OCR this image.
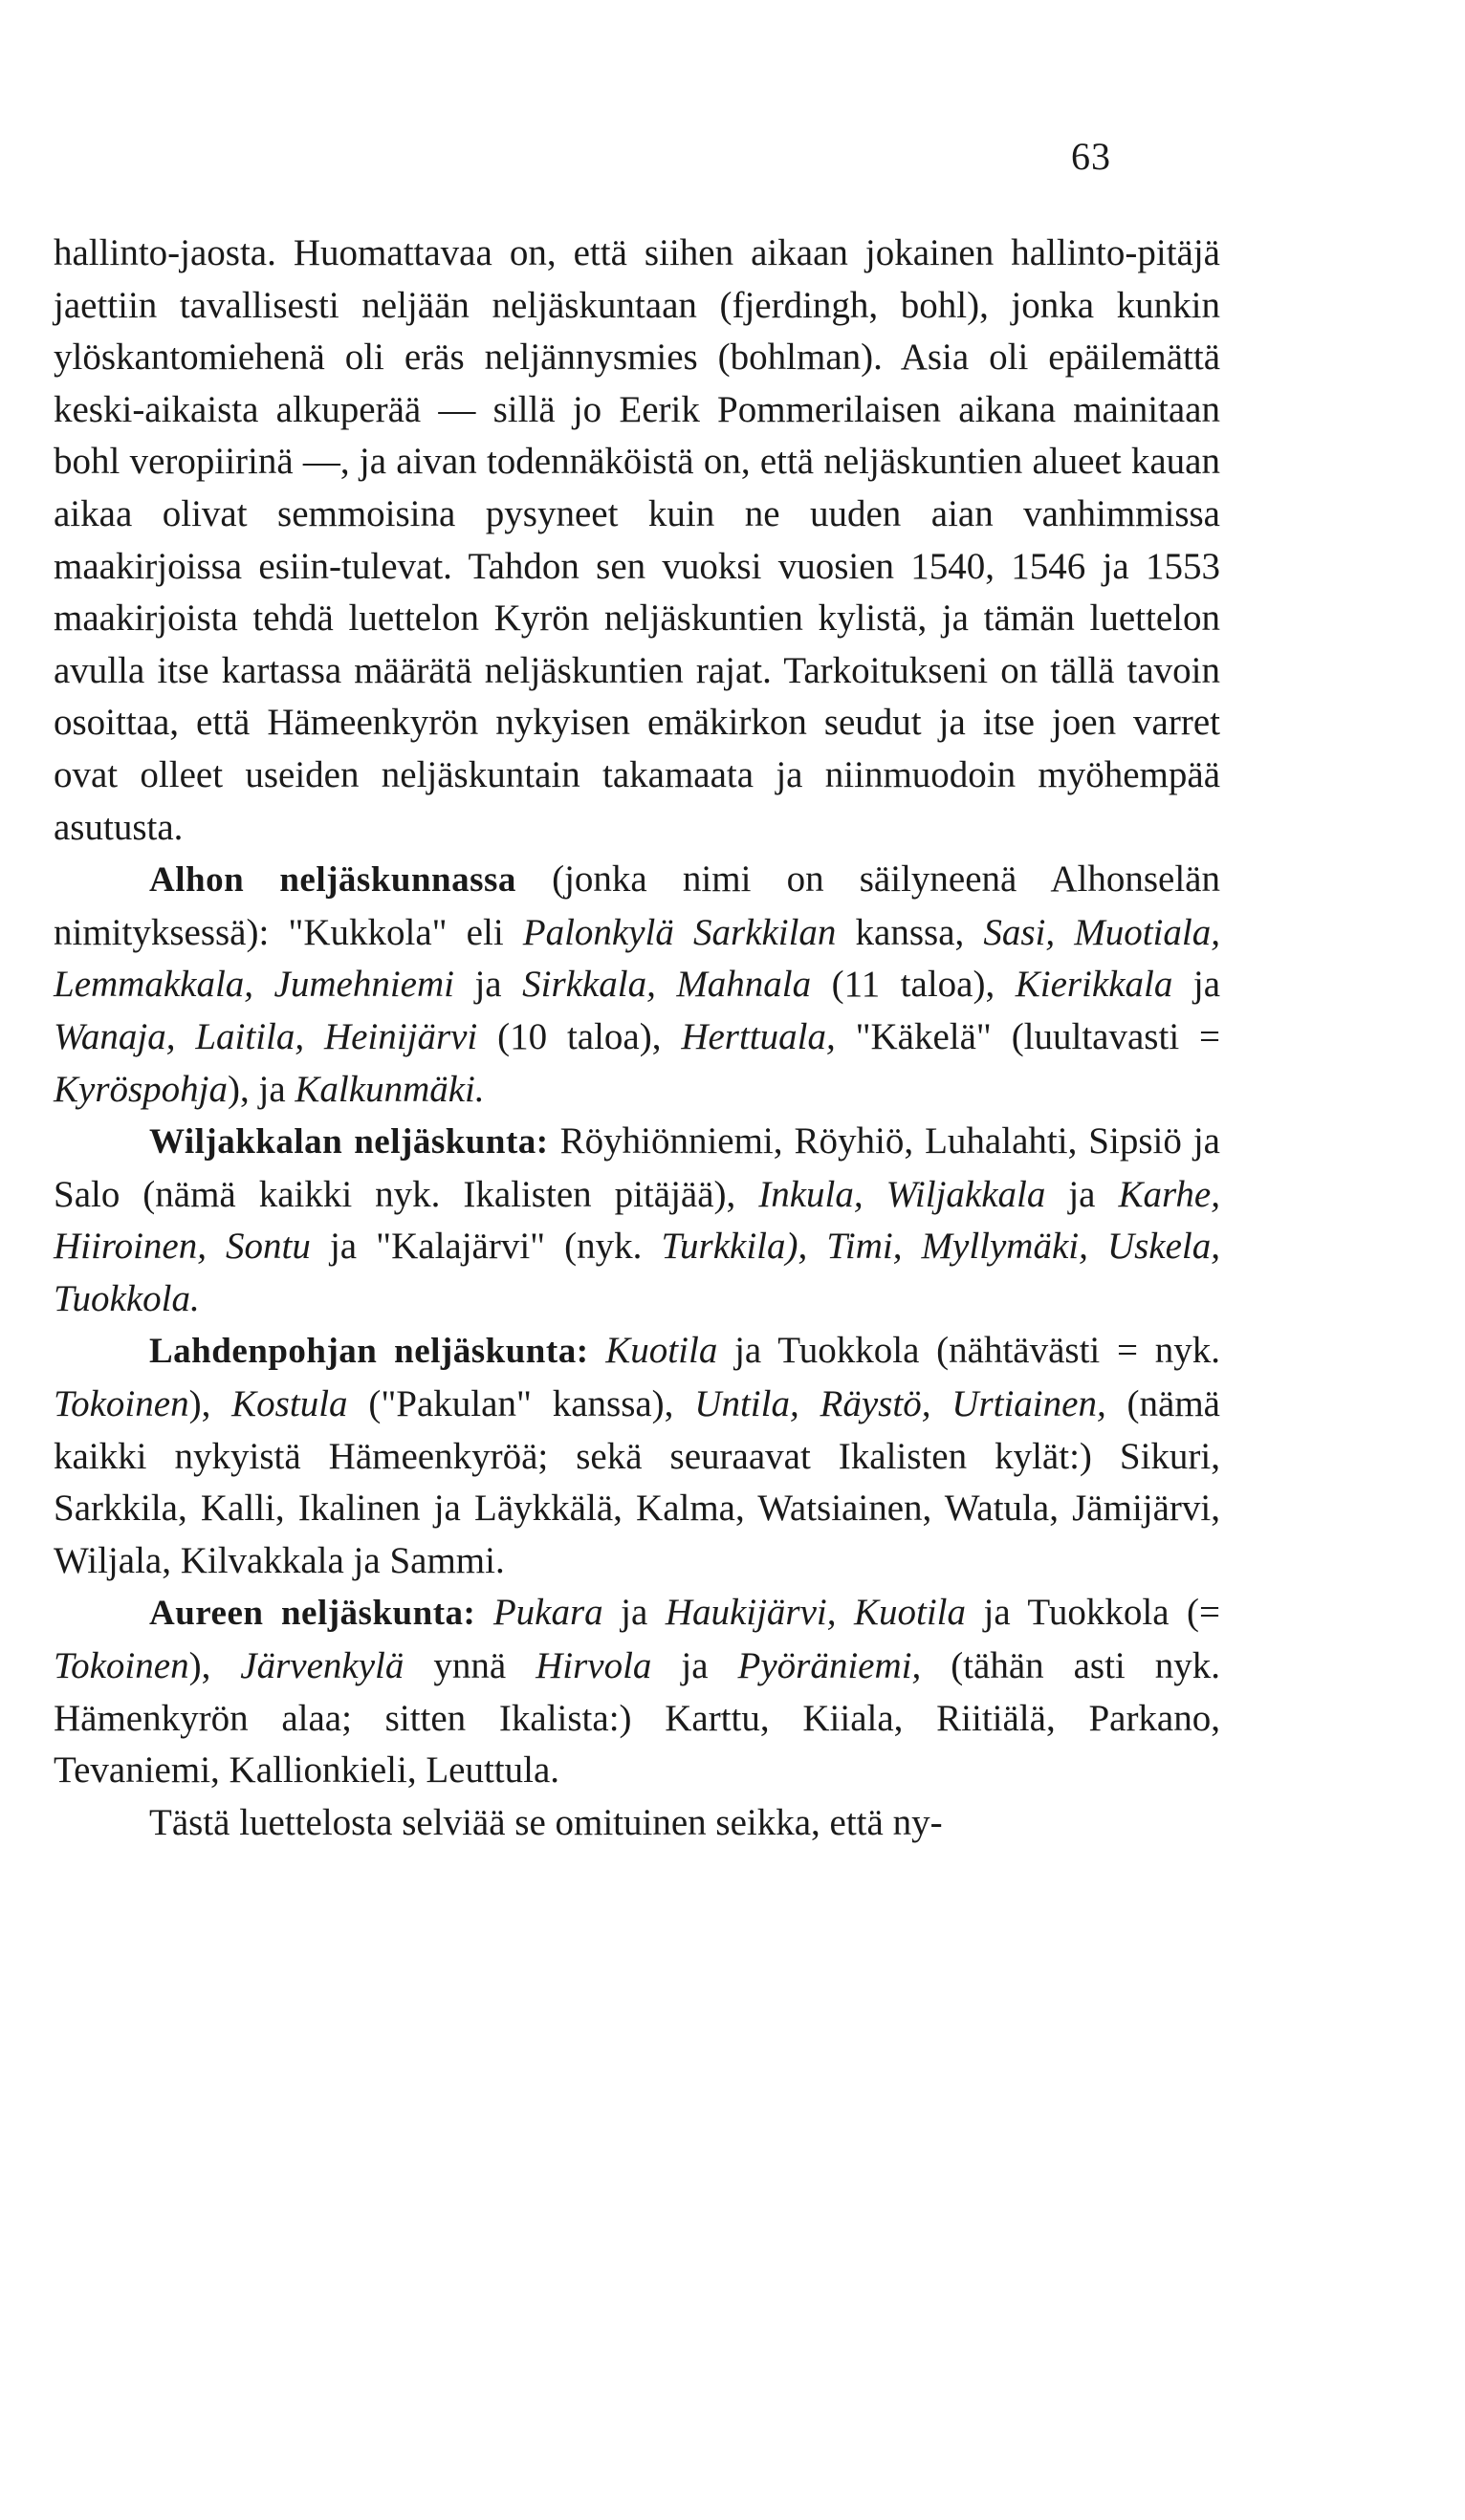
63

hallinto-jaosta. Huomattavaa on, että siihen aikaan jokainen hallinto-pitäjä jaettiin tavallisesti neljään neljäskuntaan (fjerdingh, bohl), jonka kunkin ylöskantomiehenä oli eräs neljännysmies (bohlman). Asia oli epäilemättä keski-aikaista alkuperää — sillä jo Eerik Pommerilaisen aikana mainitaan bohl veropiirinä —, ja aivan todennäköistä on, että neljäskuntien alueet kauan aikaa olivat semmoisina pysyneet kuin ne uuden aian vanhimmissa maakirjoissa esiin-tulevat. Tahdon sen vuoksi vuosien 1540, 1546 ja 1553 maakirjoista tehdä luettelon Kyrön neljäskuntien kylistä, ja tämän luettelon avulla itse kartassa määrätä neljäskuntien rajat. Tarkoitukseni on tällä tavoin osoittaa, että Hämeenkyrön nykyisen emäkirkon seudut ja itse joen varret ovat olleet useiden neljäskuntain takamaata ja niinmuodoin myöhempää asutusta.

Alhon neljäskunnassa (jonka nimi on säilyneenä Alhonselän nimityksessä): "Kukkola" eli Palonkylä Sarkkilan kanssa, Sasi, Muotiala, Lemmakkala, Jumehniemi ja Sirkkala, Mahnala (11 taloa), Kierikkala ja Wanaja, Laitila, Heinijärvi (10 taloa), Herttuala, "Käkelä" (luultavasti = Kyröspohja), ja Kalkunmäki.

Wiljakkalan neljäskunta: Röyhiönniemi, Röyhiö, Luhalahti, Sipsiö ja Salo (nämä kaikki nyk. Ikalisten pitäjää), Inkula, Wiljakkala ja Karhe, Hiiroinen, Sontu ja "Kalajärvi" (nyk. Turkkila), Timi, Myllymäki, Uskela, Tuokkola.

Lahdenpohjan neljäskunta: Kuotila ja Tuokkola (nähtävästi = nyk. Tokoinen), Kostula ("Pakulan" kanssa), Untila, Räystö, Urtiainen, (nämä kaikki nykyistä Hämeenkyröä; sekä seuraavat Ikalisten kylät:) Sikuri, Sarkkila, Kalli, Ikalinen ja Läykkälä, Kalma, Watsiainen, Watula, Jämijärvi, Wiljala, Kilvakkala ja Sammi.

Aureen neljäskunta: Pukara ja Haukijärvi, Kuotila ja Tuokkola (= Tokoinen), Järvenkylä ynnä Hirvola ja Pyöräniemi, (tähän asti nyk. Hämenkyrön alaa; sitten Ikalista:) Karttu, Kiiala, Riitiälä, Parkano, Tevaniemi, Kallionkieli, Leuttula.

Tästä luettelosta selviää se omituinen seikka, että ny-
